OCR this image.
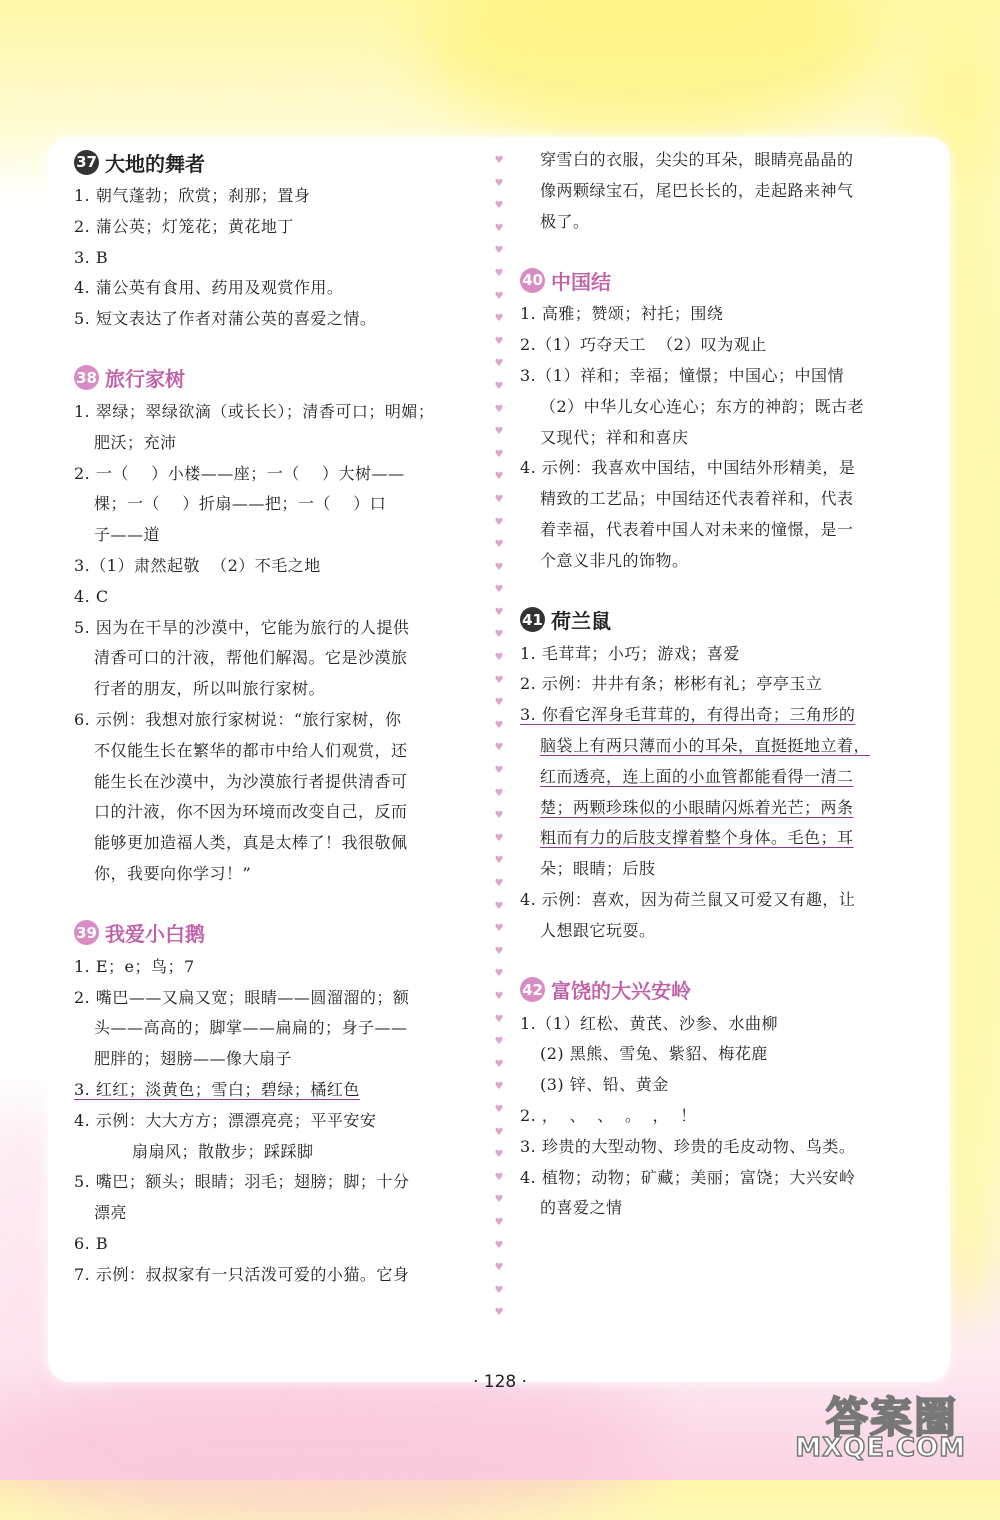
37 大地的舞者
1. 朝气蓬勃；欣赏；刹那；置身
2. 蒲公英；灯笼花；黄花地丁
3. B
4. 蒲公英有食用、药用及观赏作用。
5. 短文表达了作者对蒲公英的喜爱之情。
38 旅行家树
1. 翠绿；翠绿欲滴（或长长）；清香可口；明媚；
肥沃；充沛
2. 一（    ）小楼——座；一（    ）大树——
棵；一（    ）折扇——把；一（    ）口
子——道
3.（1）肃然起敬  （2）不毛之地
4. C
5. 因为在干旱的沙漠中，它能为旅行的人提供
清香可口的汁液，帮他们解渴。它是沙漠旅
行者的朋友，所以叫旅行家树。
6. 示例：我想对旅行家树说：“旅行家树，你
不仅能生长在繁华的都市中给人们观赏，还
能生长在沙漠中，为沙漠旅行者提供清香可
口的汁液，你不因为环境而改变自己，反而
能够更加造福人类，真是太棒了！我很敬佩
你，我要向你学习！”
39 我爱小白鹅
1. E；e；鸟；7
2. 嘴巴——又扁又宽；眼睛——圆溜溜的；额
头——高高的；脚掌——扁扁的；身子——
肥胖的；翅膀——像大扇子
3. 红红；淡黄色；雪白；碧绿；橘红色
4. 示例：大大方方；漂漂亮亮；平平安安
扇扇风；散散步；踩踩脚
5. 嘴巴；额头；眼睛；羽毛；翅膀；脚；十分
漂亮
6. B
7. 示例：叔叔家有一只活泼可爱的小猫。它身
♥
♥
♥
♥
♥
♥
♥
♥
♥
♥
♥
♥
♥
♥
♥
♥
♥
♥
♥
♥
♥
♥
♥
♥
♥
♥
♥
♥
♥
♥
♥
♥
♥
♥
♥
♥
♥
♥
♥
♥
♥
♥
♥
♥
♥
♥
♥
♥
♥
♥
♥
♥
穿雪白的衣服，尖尖的耳朵，眼睛亮晶晶的
像两颗绿宝石，尾巴长长的，走起路来神气
极了。
40 中国结
1. 高雅；赞颂；衬托；围绕
2.（1）巧夺天工  （2）叹为观止
3.（1）祥和；幸福；憧憬；中国心；中国情
（2）中华儿女心连心；东方的神韵；既古老
又现代；祥和和喜庆
4. 示例：我喜欢中国结，中国结外形精美，是
精致的工艺品；中国结还代表着祥和，代表
着幸福，代表着中国人对未来的憧憬，是一
个意义非凡的饰物。
41 荷兰鼠
1. 毛茸茸；小巧；游戏；喜爱
2. 示例：井井有条；彬彬有礼；亭亭玉立
3. 你看它浑身毛茸茸的，有得出奇；三角形的
脑袋上有两只薄而小的耳朵，直挺挺地立着，
红而透亮，连上面的小血管都能看得一清二
楚；两颗珍珠似的小眼睛闪烁着光芒；两条
粗而有力的后肢支撑着整个身体。毛色；耳
朵；眼睛；后肢
4. 示例：喜欢，因为荷兰鼠又可爱又有趣，让
人想跟它玩耍。
42 富饶的大兴安岭
1.（1）红松、黄芪、沙参、水曲柳
(2) 黑熊、雪兔、紫貂、梅花鹿
(3) 锌、铅、黄金
2. ，  、  、  。  ，  ！
3. 珍贵的大型动物、珍贵的毛皮动物、鸟类。
4. 植物；动物；矿藏；美丽；富饶；大兴安岭
的喜爱之情
· 128 ·
答案圈
MXQE.COM
